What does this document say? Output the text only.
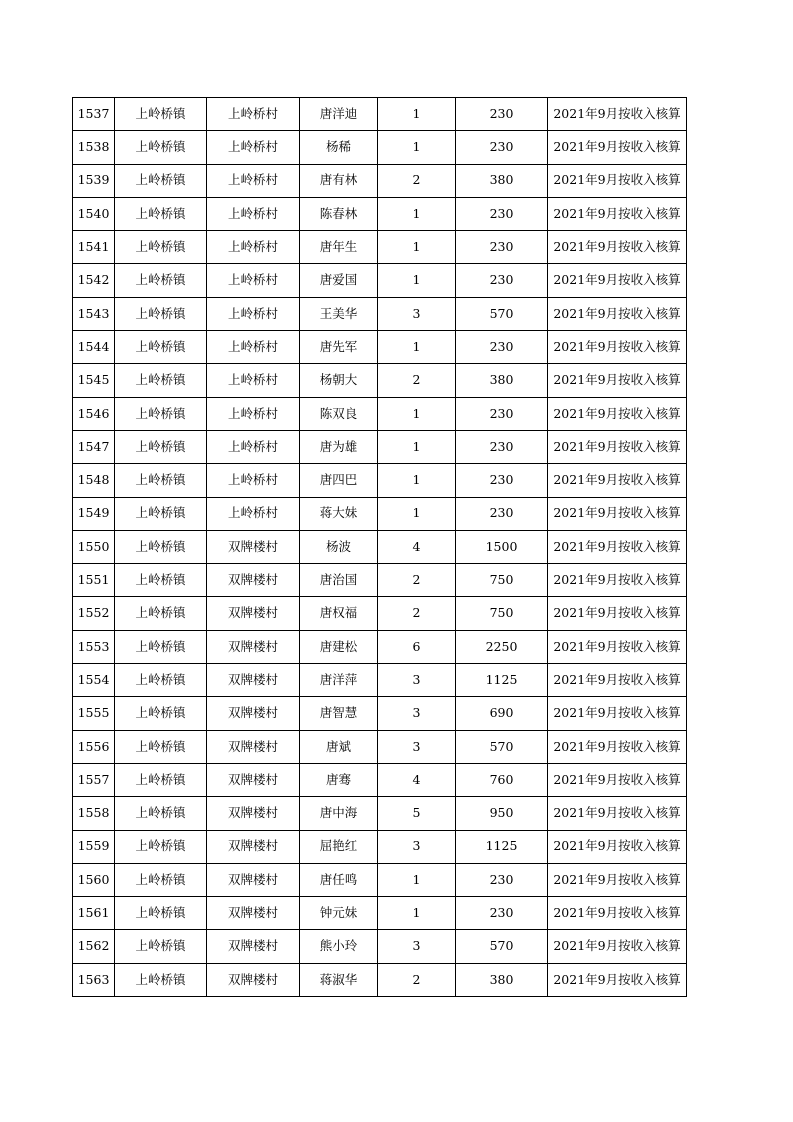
1537	上岭桥镇	上岭桥村	唐洋迪	1	230	2021年9月按收入核算
1538	上岭桥镇	上岭桥村	杨稀	1	230	2021年9月按收入核算
1539	上岭桥镇	上岭桥村	唐有林	2	380	2021年9月按收入核算
1540	上岭桥镇	上岭桥村	陈春林	1	230	2021年9月按收入核算
1541	上岭桥镇	上岭桥村	唐年生	1	230	2021年9月按收入核算
1542	上岭桥镇	上岭桥村	唐爱国	1	230	2021年9月按收入核算
1543	上岭桥镇	上岭桥村	王美华	3	570	2021年9月按收入核算
1544	上岭桥镇	上岭桥村	唐先军	1	230	2021年9月按收入核算
1545	上岭桥镇	上岭桥村	杨朝大	2	380	2021年9月按收入核算
1546	上岭桥镇	上岭桥村	陈双良	1	230	2021年9月按收入核算
1547	上岭桥镇	上岭桥村	唐为雄	1	230	2021年9月按收入核算
1548	上岭桥镇	上岭桥村	唐四巴	1	230	2021年9月按收入核算
1549	上岭桥镇	上岭桥村	蒋大妹	1	230	2021年9月按收入核算
1550	上岭桥镇	双牌楼村	杨波	4	1500	2021年9月按收入核算
1551	上岭桥镇	双牌楼村	唐治国	2	750	2021年9月按收入核算
1552	上岭桥镇	双牌楼村	唐权福	2	750	2021年9月按收入核算
1553	上岭桥镇	双牌楼村	唐建松	6	2250	2021年9月按收入核算
1554	上岭桥镇	双牌楼村	唐洋萍	3	1125	2021年9月按收入核算
1555	上岭桥镇	双牌楼村	唐智慧	3	690	2021年9月按收入核算
1556	上岭桥镇	双牌楼村	唐斌	3	570	2021年9月按收入核算
1557	上岭桥镇	双牌楼村	唐骞	4	760	2021年9月按收入核算
1558	上岭桥镇	双牌楼村	唐中海	5	950	2021年9月按收入核算
1559	上岭桥镇	双牌楼村	屈艳红	3	1125	2021年9月按收入核算
1560	上岭桥镇	双牌楼村	唐任鸣	1	230	2021年9月按收入核算
1561	上岭桥镇	双牌楼村	钟元妹	1	230	2021年9月按收入核算
1562	上岭桥镇	双牌楼村	熊小玲	3	570	2021年9月按收入核算
1563	上岭桥镇	双牌楼村	蒋淑华	2	380	2021年9月按收入核算
